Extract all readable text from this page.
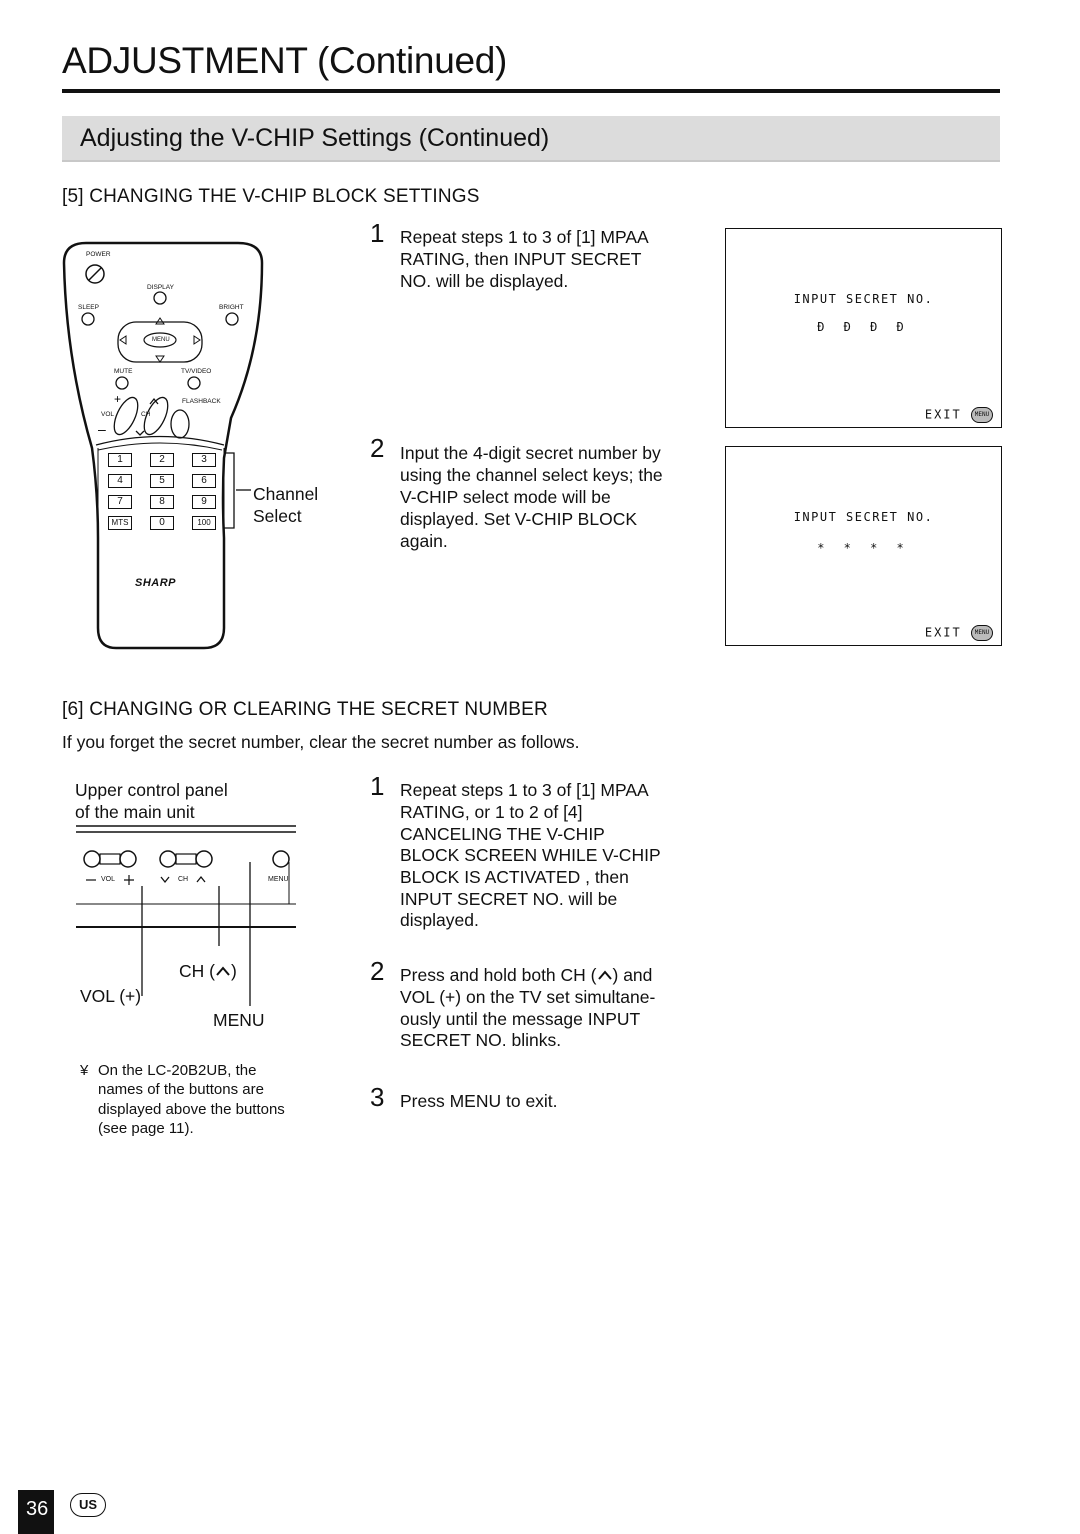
ADJUSTMENT (Continued)
Adjusting the V-CHIP Settings (Continued)
[5] CHANGING THE V-CHIP BLOCK SETTINGS
+
–
POWER
DISPLAY
SLEEP	BRIGHT
MENU
MUTE	TV/VIDEO
FLASHBACK
VOL	CH
1	2	3
4	5	6
7	8	9
MTS	0	100
SHARP
Channel
Select
1 Repeat steps 1 to 3 of [1] MPAA
RATING, then INPUT SECRET
NO. will be displayed.
2 Input the 4-digit secret number by
using the channel select keys; the
V-CHIP select mode will be
displayed. Set V-CHIP BLOCK
again.
INPUT SECRET NO.
Ð Ð Ð Ð
EXIT MENU
INPUT SECRET NO.
* * * *
EXIT MENU
[6] CHANGING OR CLEARING THE SECRET NUMBER
If you forget the secret number, clear the secret number as follows.
Upper control panel
of the main unit
VOL	CH	MENU
CH ( )
VOL (+)
MENU
¥ On the LC-20B2UB, the
names of the buttons are
displayed above the buttons
(see page 11).
1 Repeat steps 1 to 3 of [1] MPAA
RATING, or 1 to 2 of [4]
CANCELING THE V-CHIP
BLOCK SCREEN WHILE V-CHIP
BLOCK IS ACTIVATED , then
INPUT SECRET NO. will be
displayed.
2 Press and hold both CH ( ) and
VOL (+) on the TV set simultane-
ously until the message INPUT
SECRET NO. blinks.
3 Press MENU to exit.
36	US
